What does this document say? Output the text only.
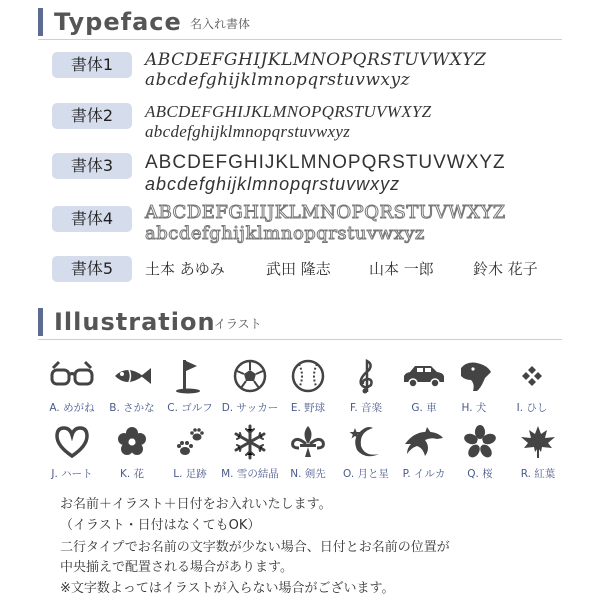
Typeface 名入れ書体
書体1	ABCDEFGHIJKLMNOPQRSTUVWXYZ
abcdefghijklmnopqrstuvwxyz
書体2	ABCDEFGHIJKLMNOPQRSTUVWXYZ
abcdefghijklmnopqrstuvwxyz
書体3	ABCDEFGHIJKLMNOPQRSTUVWXYZ
abcdefghijklmnopqrstuvwxyz
書体4	ABCDEFGHIJKLMNOPQRSTUVWXYZ
abcdefghijklmnopqrstuvwxyz
書体5	土本 あゆみ	武田 隆志	山本 一郎	鈴木 花子
Illustration
イラスト
A. めがね	B. さかな	C. ゴルフ D. サッカー	E. 野球	F. 音楽	G. 車	H. 犬	I. ひし
J. ハート	K. 花	L. 足跡	M. 雪の結晶	N. 剣先	O. 月と星	P. イルカ	Q. 桜	R. 紅葉
お名前＋イラスト＋日付をお入れいたします。
（イラスト・日付はなくてもOK）
二行タイプでお名前の文字数が少ない場合、日付とお名前の位置が
中央揃えで配置される場合があります。
※文字数よってはイラストが入らない場合がございます。
